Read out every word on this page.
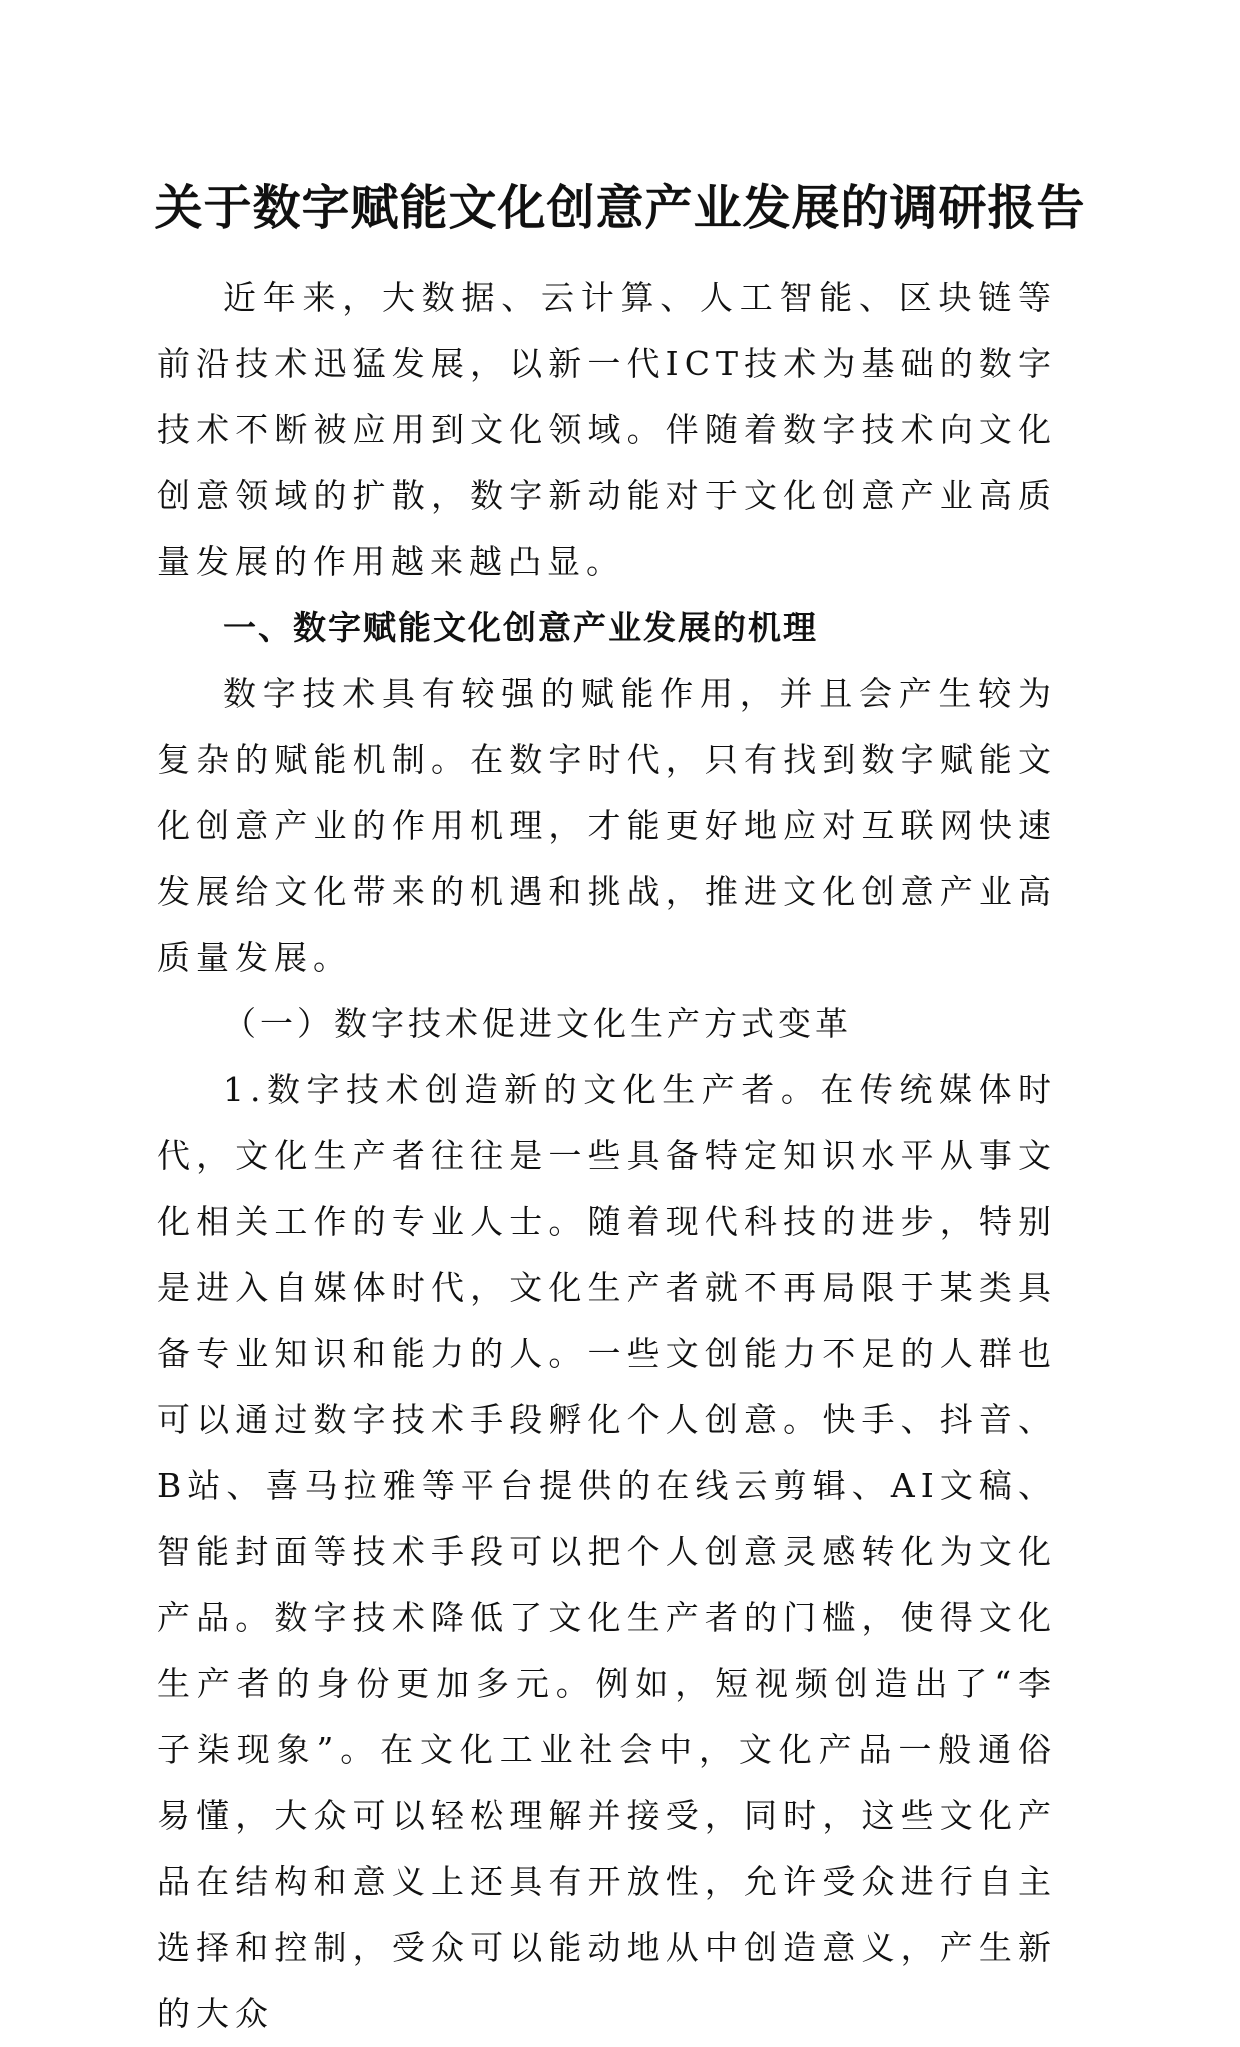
关于数字赋能文化创意产业发展的调研报告

近年来，大数据、云计算、人工智能、区块链等前沿技术迅猛发展，以新一代ICT技术为基础的数字技术不断被应用到文化领域。伴随着数字技术向文化创意领域的扩散，数字新动能对于文化创意产业高质量发展的作用越来越凸显。

一、数字赋能文化创意产业发展的机理

数字技术具有较强的赋能作用，并且会产生较为复杂的赋能机制。在数字时代，只有找到数字赋能文化创意产业的作用机理，才能更好地应对互联网快速发展给文化带来的机遇和挑战，推进文化创意产业高质量发展。

（一）数字技术促进文化生产方式变革

1.数字技术创造新的文化生产者。在传统媒体时代，文化生产者往往是一些具备特定知识水平从事文化相关工作的专业人士。随着现代科技的进步，特别是进入自媒体时代，文化生产者就不再局限于某类具备专业知识和能力的人。一些文创能力不足的人群也可以通过数字技术手段孵化个人创意。快手、抖音、B站、喜马拉雅等平台提供的在线云剪辑、AI文稿、智能封面等技术手段可以把个人创意灵感转化为文化产品。数字技术降低了文化生产者的门槛，使得文化生产者的身份更加多元。例如，短视频创造出了“李子柒现象”。在文化工业社会中，文化产品一般通俗易懂，大众可以轻松理解并接受，同时，这些文化产品在结构和意义上还具有开放性，允许受众进行自主选择和控制，受众可以能动地从中创造意义，产生新的大众
